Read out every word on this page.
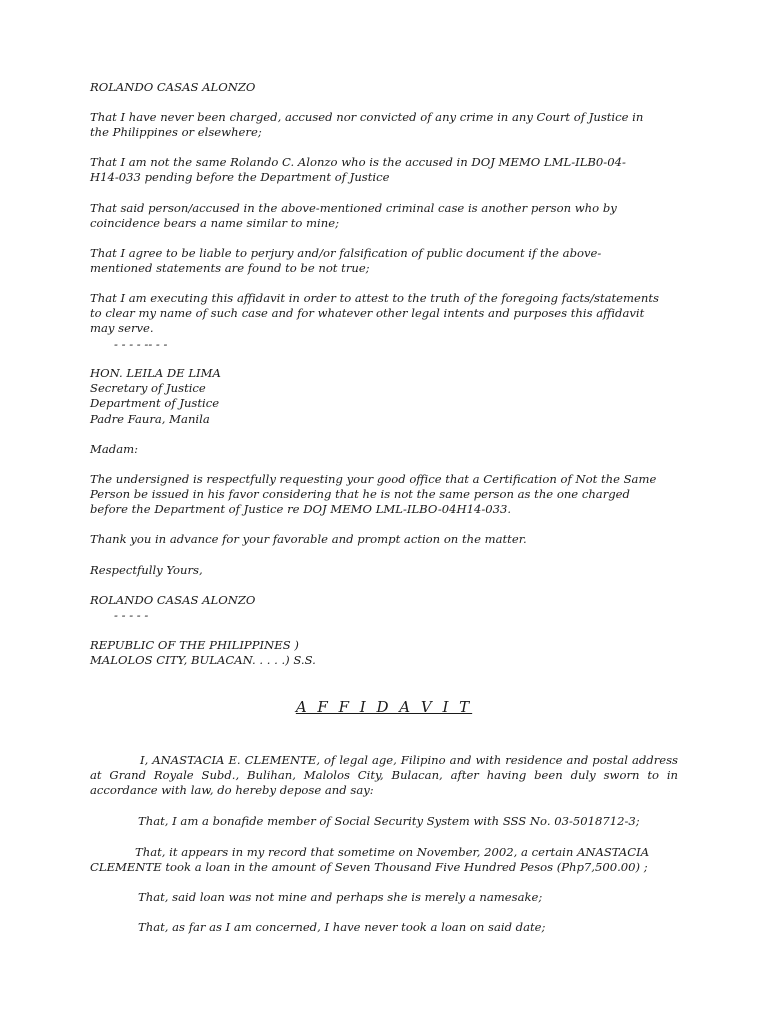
ROLANDO CASAS ALONZO

That I have never been charged, accused nor convicted of any crime in any Court of Justice in
the Philippines or elsewhere;

That I am not the same Rolando C. Alonzo who is the accused in DOJ MEMO LML-ILB0-04-
H14-033 pending before the Department of Justice

That said person/accused in the above-mentioned criminal case is another person who by
coincidence bears a name similar to mine;

That I agree to be liable to perjury and/or falsification of public document if the above-
mentioned statements are found to be not true;

That I am executing this affidavit in order to attest to the truth of the foregoing facts/statements
to clear my name of such case and for whatever other legal intents and purposes this affidavit
may serve.

- - - - -- - -

HON. LEILA DE LIMA
Secretary of Justice
Department of Justice
Padre Faura, Manila

Madam:

The undersigned is respectfully requesting your good office that a Certification of Not the Same
Person be issued in his favor considering that he is not the same person as the one charged
before the Department of Justice re DOJ MEMO LML-ILBO-04H14-033.

Thank you in advance for your favorable and prompt action on the matter.

Respectfully Yours,

ROLANDO CASAS ALONZO

- - - - -

REPUBLIC OF THE PHILIPPINES )
MALOLOS CITY, BULACAN. . . . .) S.S.

A F F I D A V I T

I, ANASTACIA E. CLEMENTE, of legal age, Filipino and with residence and postal address at Grand Royale Subd., Bulihan, Malolos City, Bulacan, after having been duly sworn to in accordance with law, do hereby depose and say:

That, I am a bonafide member of Social Security System with SSS No. 03-5018712-3;

That, it appears in my record that sometime on November, 2002, a certain ANASTACIA
CLEMENTE took a loan in the amount of Seven Thousand Five Hundred Pesos (Php7,500.00) ;

That, said loan was not mine and perhaps she is merely a namesake;

That, as far as I am concerned, I have never took a loan on said date;
